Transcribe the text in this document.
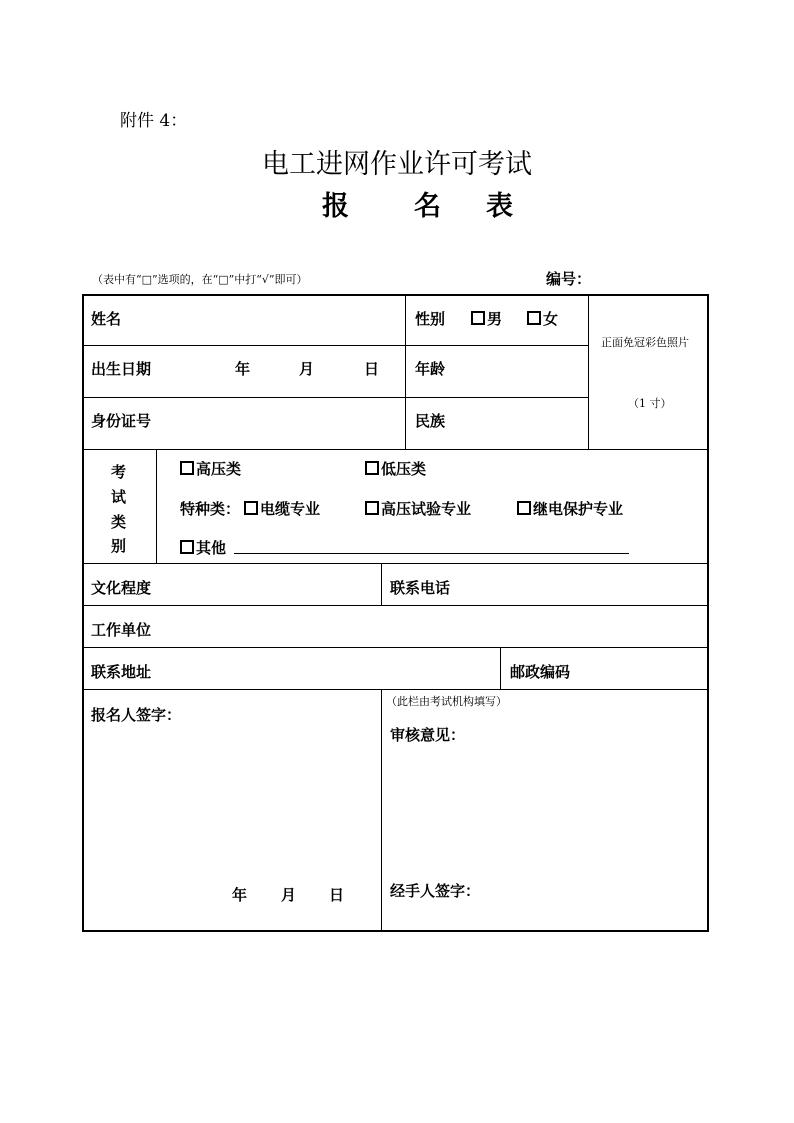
附件 4：
电工进网作业许可考试
报 名 表
（表中有“□”选项的，在“□”中打“√”即可）	编号：
姓名	性别	男	女
正面免冠彩色照片
（1 寸）
出生日期	年	月	日 年龄
身份证号	民族
考
试
类
别
高压类	低压类
特种类：	电缆专业	高压试验专业	继电保护专业
其他
文化程度	联系电话
工作单位
联系地址	邮政编码
报名人签字：
年 月 日
（此栏由考试机构填写）
审核意见：
经手人签字：
